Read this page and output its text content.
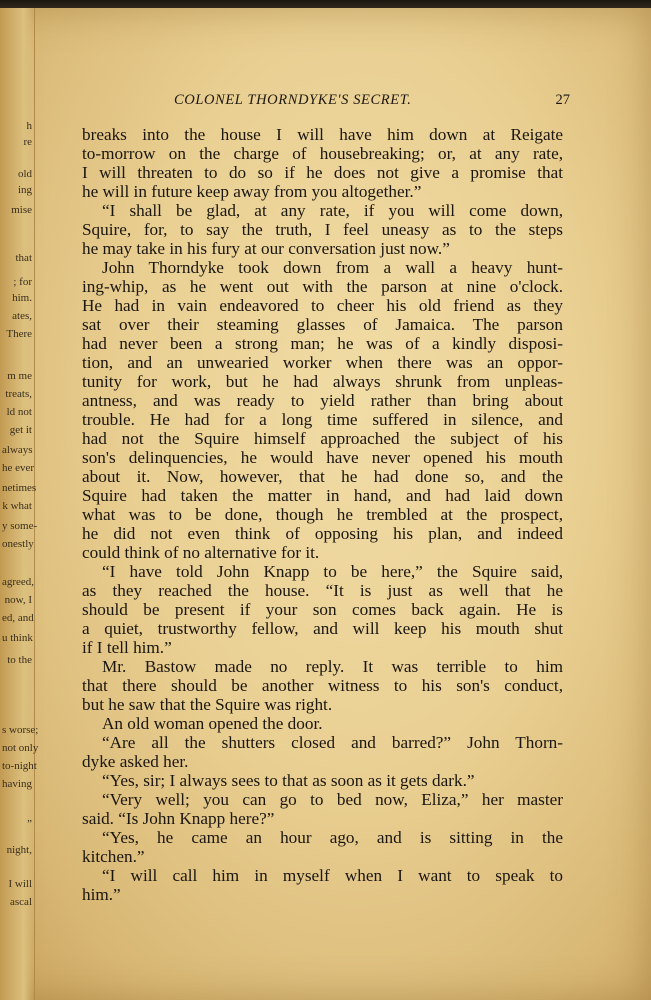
h
re
old
ing
mise
that
; for
him.
ates,
There
m me
treats,
ld not
get it
always
he ever
netimes
k what
y some-
onestly
agreed,
now, I
ed, and
u think
to the
s worse;
not only
to-night
having
”
night,
I will
ascal
COLONEL THORNDYKE'S SECRET.	27
breaks into the house I will have him down at Reigate
to-morrow on the charge of housebreaking; or, at any rate,
I will threaten to do so if he does not give a promise that
he will in future keep away from you altogether.”
“I shall be glad, at any rate, if you will come down,
Squire, for, to say the truth, I feel uneasy as to the steps
he may take in his fury at our conversation just now.”
John Thorndyke took down from a wall a heavy hunt-
ing-whip, as he went out with the parson at nine o'clock.
He had in vain endeavored to cheer his old friend as they
sat over their steaming glasses of Jamaica. The parson
had never been a strong man; he was of a kindly disposi-
tion, and an unwearied worker when there was an oppor-
tunity for work, but he had always shrunk from unpleas-
antness, and was ready to yield rather than bring about
trouble. He had for a long time suffered in silence, and
had not the Squire himself approached the subject of his
son's delinquencies, he would have never opened his mouth
about it. Now, however, that he had done so, and the
Squire had taken the matter in hand, and had laid down
what was to be done, though he trembled at the prospect,
he did not even think of opposing his plan, and indeed
could think of no alternative for it.
“I have told John Knapp to be here,” the Squire said,
as they reached the house. “It is just as well that he
should be present if your son comes back again. He is
a quiet, trustworthy fellow, and will keep his mouth shut
if I tell him.”
Mr. Bastow made no reply. It was terrible to him
that there should be another witness to his son's conduct,
but he saw that the Squire was right.
An old woman opened the door.
“Are all the shutters closed and barred?” John Thorn-
dyke asked her.
“Yes, sir; I always sees to that as soon as it gets dark.”
“Very well; you can go to bed now, Eliza,” her master
said. “Is John Knapp here?”
“Yes, he came an hour ago, and is sitting in the
kitchen.”
“I will call him in myself when I want to speak to
him.”
